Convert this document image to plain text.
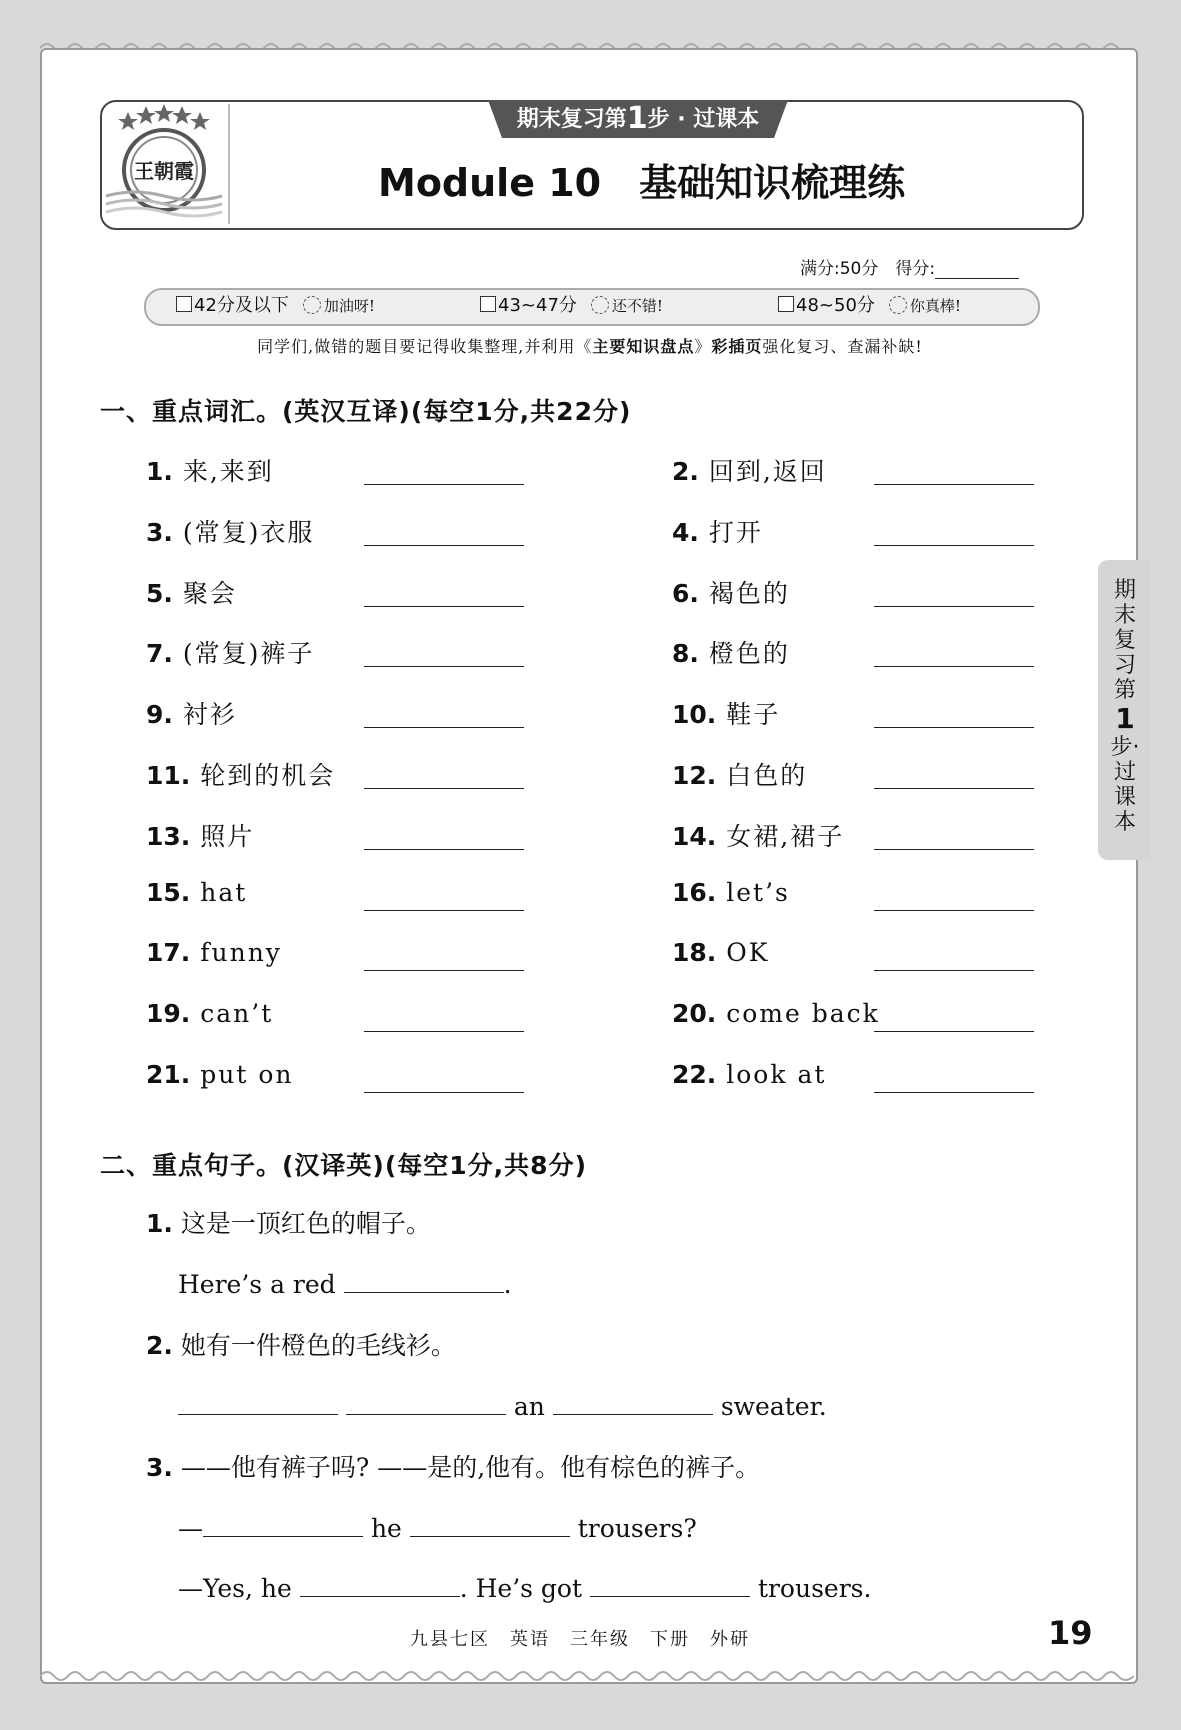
王朝霞
期末复习第1步 · 过课本
Module 10　基础知识梳理练
满分:50分　得分:
42分及以下 加油呀!	43~47分 还不错!	48~50分 你真棒!
同学们,做错的题目要记得收集整理,并利用《主要知识盘点》彩插页强化复习、查漏补缺!
一、重点词汇。(英汉互译)(每空1分,共22分)
1. 来,来到	2. 回到,返回
3. (常复)衣服	4. 打开
5. 聚会	6. 褐色的
7. (常复)裤子	8. 橙色的
9. 衬衫	10. 鞋子
11. 轮到的机会	12. 白色的
13. 照片	14. 女裙,裙子
15. hat	16. let’s
17. funny	18. OK
19. can’t	20. come back
21. put on	22. look at
二、重点句子。(汉译英)(每空1分,共8分)
1. 这是一顶红色的帽子。
Here’s a red	.
2. 她有一件橙色的毛线衫。
an	sweater.
3. ——他有裤子吗? ——是的,他有。他有棕色的裤子。
—	he	trousers?
—Yes, he	. He’s got	trousers.
期末复习第
1
步·过课本
九县七区　英语　三年级　下册　外研	19
